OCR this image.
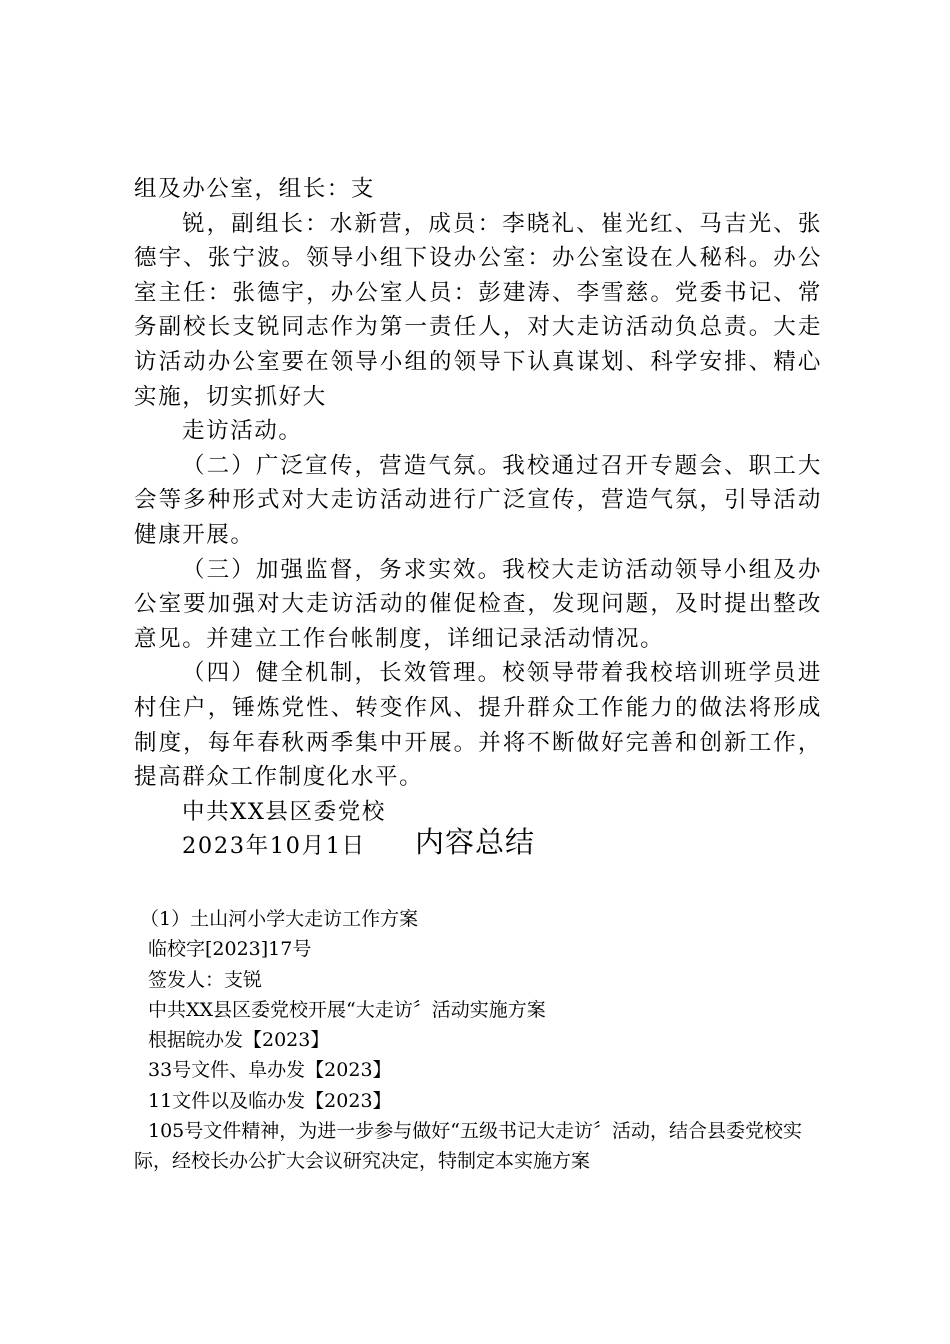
组及办公室，组长：支

锐，副组长：水新营，成员：李晓礼、崔光红、马吉光、张德宇、张宁波。领导小组下设办公室：办公室设在人秘科。办公室主任：张德宇，办公室人员：彭建涛、李雪慈。党委书记、常务副校长支锐同志作为第一责任人，对大走访活动负总责。大走访活动办公室要在领导小组的领导下认真谋划、科学安排、精心实施，切实抓好大

走访活动。

（二）广泛宣传，营造气氛。我校通过召开专题会、职工大会等多种形式对大走访活动进行广泛宣传，营造气氛，引导活动健康开展。

（三）加强监督，务求实效。我校大走访活动领导小组及办公室要加强对大走访活动的催促检查，发现问题，及时提出整改意见。并建立工作台帐制度，详细记录活动情况。

（四）健全机制，长效管理。校领导带着我校培训班学员进村住户，锤炼党性、转变作风、提升群众工作能力的做法将形成制度，每年春秋两季集中开展。并将不断做好完善和创新工作，提高群众工作制度化水平。

中共XX县区委党校

2023年10月1日	内容总结

（1）土山河小学大走访工作方案

临校字[2023]17号

签发人：支锐

中共XX县区委党校开展“大走访〞活动实施方案

根据皖办发【2023】

33号文件、阜办发【2023】

11文件以及临办发【2023】

105号文件精神，为进一步参与做好“五级书记大走访〞活动，结合县委党校实际，经校长办公扩大会议研究决定，特制定本实施方案
